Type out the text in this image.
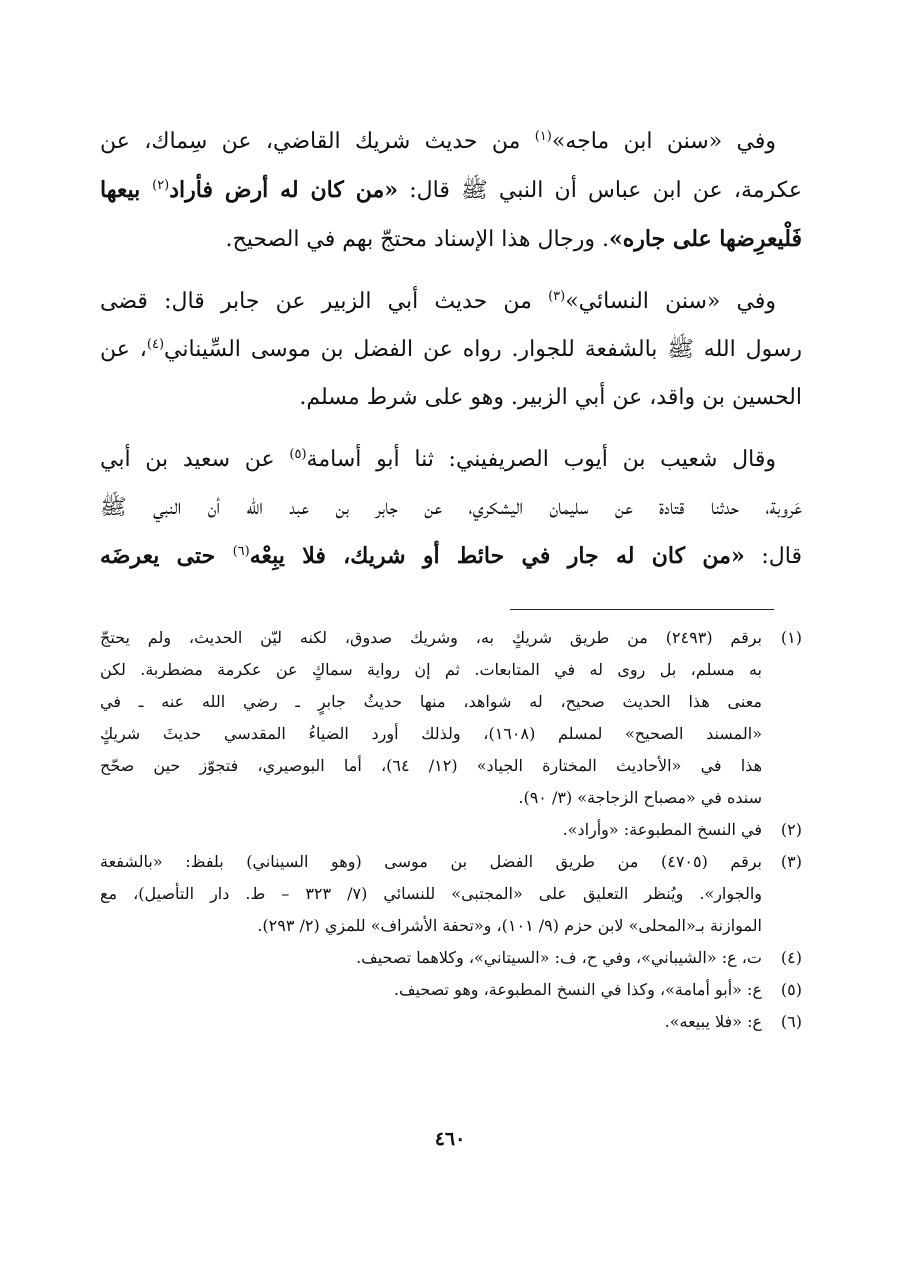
وفي «سنن ابن ماجه»$^{(١)}$ من حديث شريك القاضي، عن سِماك، عن
عكرمة، عن ابن عباس أن النبي ﷺ قال: «من كان له أرض فأراد$^{(٢)}$ بيعها
فَلْيعرِضها على جاره». ورجال هذا الإسناد محتجّ بهم في الصحيح.
وفي «سنن النسائي»$^{(٣)}$ من حديث أبي الزبير عن جابر قال: قضى
رسول الله ﷺ بالشفعة للجوار. رواه عن الفضل بن موسى السِّيناني$^{(٤)}$، عن
الحسين بن واقد، عن أبي الزبير. وهو على شرط مسلم.
وقال شعيب بن أيوب الصريفيني: ثنا أبو أسامة$^{(٥)}$ عن سعيد بن أبي
عَروبة، حدثنا قتادة عن سليمان اليشكري، عن جابر بن عبد الله أن النبي ﷺ
قال: «من كان له جار في حائط أو شريك، فلا يبِعْه$^{(٦)}$ حتى يعرضَه
(١)
برقم (٢٤٩٣) من طريق شريكٍ به، وشريك صدوق، لكنه ليّن الحديث، ولم يحتجّ
به مسلم، بل روى له في المتابعات. ثم إن رواية سماكٍ عن عكرمة مضطربة. لكن
معنى هذا الحديث صحيح، له شواهد، منها حديثُ جابرٍ ـ رضي الله عنه ـ في
«المسند الصحيح» لمسلم (١٦٠٨)، ولذلك أورد الضياءُ المقدسي حديثَ شريكٍ
هذا في «الأحاديث المختارة الجياد» (١٢/ ٦٤)، أما البوصيري، فتجوّز حين صحّح
سنده في «مصباح الزجاجة» (٣/ ٩٠).
(٢)
في النسخ المطبوعة: «وأراد».
(٣)
برقم (٤٧٠٥) من طريق الفضل بن موسى (وهو السيناني) بلفظ: «بالشفعة
والجوار». ويُنظر التعليق على «المجتبى» للنسائي (٧/ ٣٢٣ – ط. دار التأصيل)، مع
الموازنة بـ«المحلى» لابن حزم (٩/ ١٠١)، و«تحفة الأشراف» للمزي (٢/ ٢٩٣).
(٤)
ت، ع: «الشيباني»، وفي ح، ف: «السيتاني»، وكلاهما تصحيف.
(٥)
ع: «أبو أمامة»، وكذا في النسخ المطبوعة، وهو تصحيف.
(٦)
ع: «فلا يبيعه».
٤٦٠
